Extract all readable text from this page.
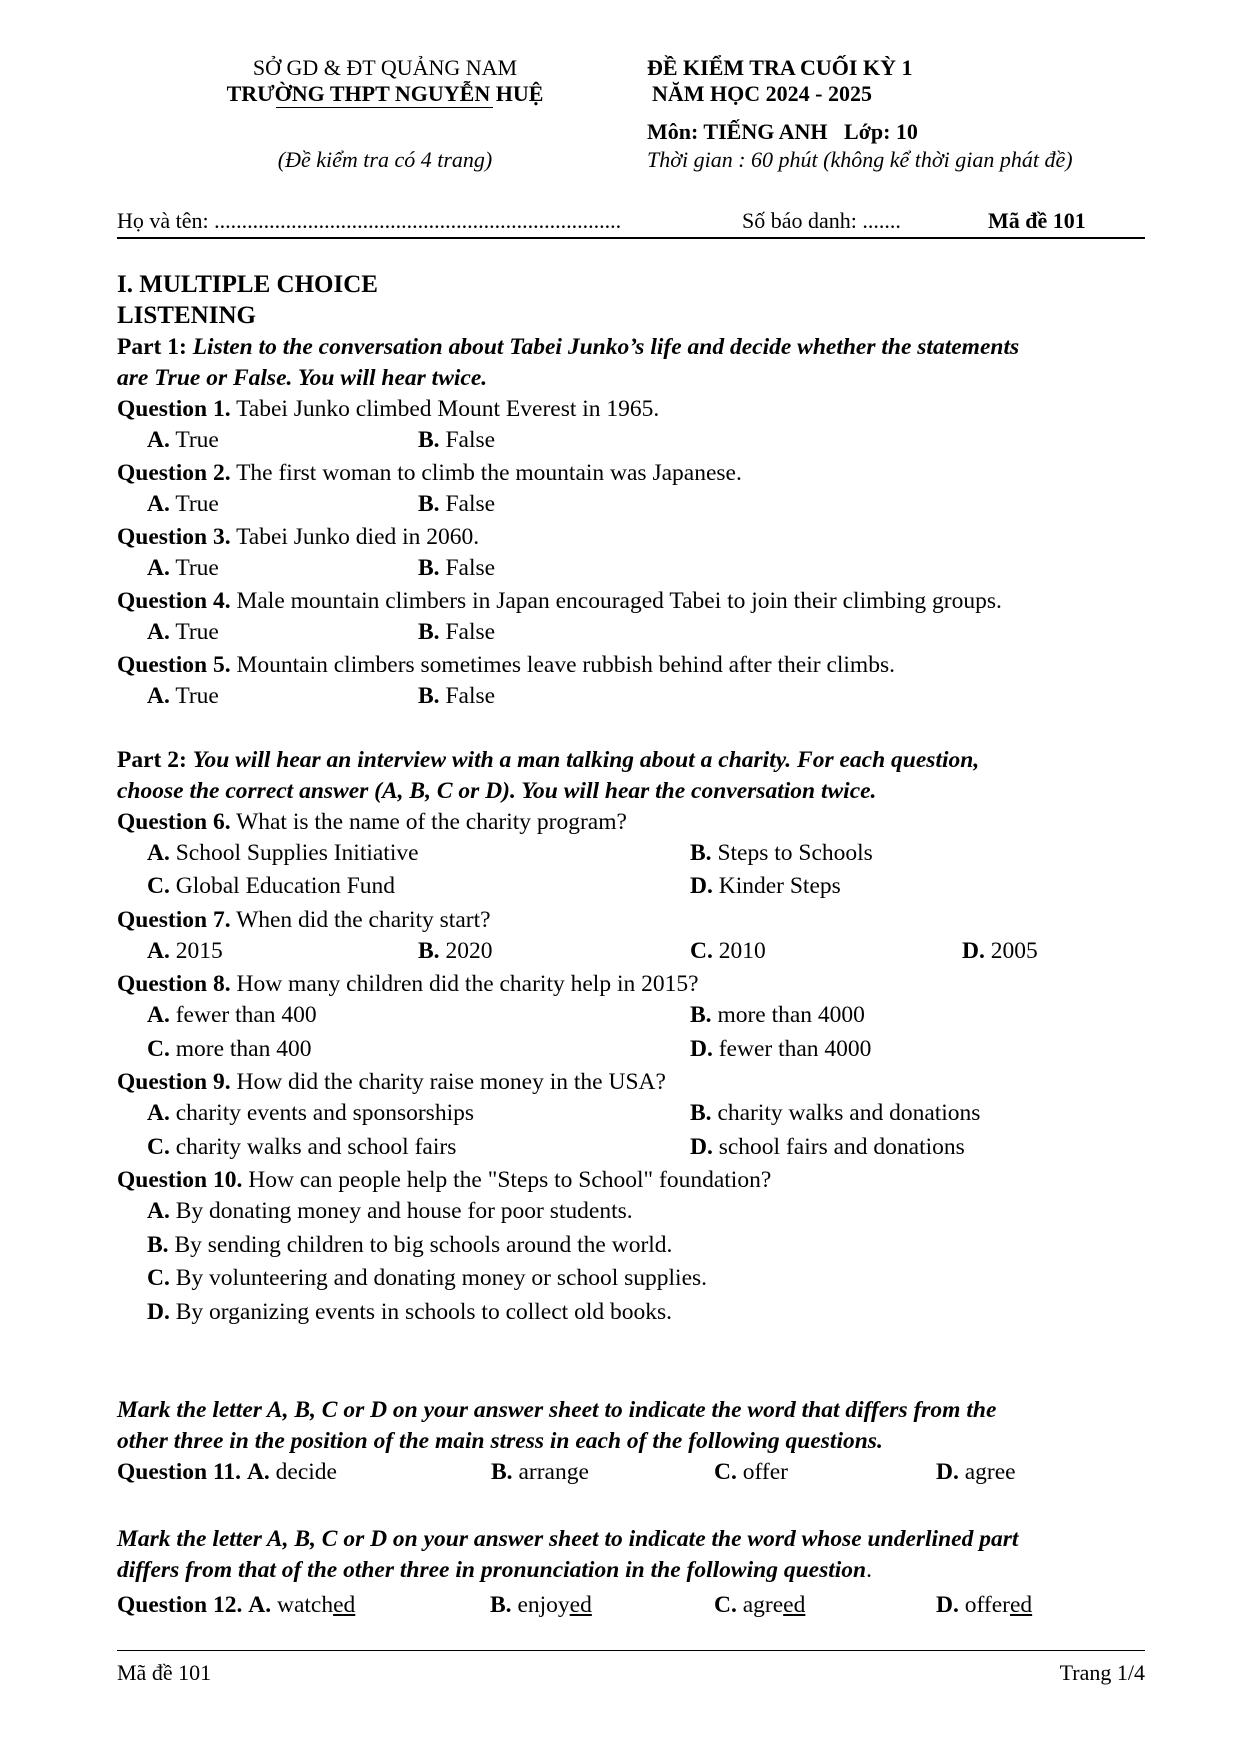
SỞ GD & ĐT QUẢNG NAM
TRƯỜNG THPT NGUYỄN HUỆ
(Đề kiểm tra có 4 trang)
ĐỀ KIỂM TRA CUỐI KỲ 1
NĂM HỌC 2024 - 2025
Môn: TIẾNG ANH Lớp: 10
Thời gian : 60 phút (không kể thời gian phát đề)
Họ và tên: ..........................................................................	Số báo danh: .......	Mã đề 101
I. MULTIPLE CHOICE
LISTENING
Part 1: Listen to the conversation about Tabei Junko’s life and decide whether the statements
are True or False. You will hear twice.
Question 1. Tabei Junko climbed Mount Everest in 1965.
A. True	B. False
Question 2. The first woman to climb the mountain was Japanese.
A. True	B. False
Question 3. Tabei Junko died in 2060.
A. True	B. False
Question 4. Male mountain climbers in Japan encouraged Tabei to join their climbing groups.
A. True	B. False
Question 5. Mountain climbers sometimes leave rubbish behind after their climbs.
A. True	B. False
Part 2: You will hear an interview with a man talking about a charity. For each question,
choose the correct answer (A, B, C or D). You will hear the conversation twice.
Question 6. What is the name of the charity program?
A. School Supplies Initiative	B. Steps to Schools
C. Global Education Fund	D. Kinder Steps
Question 7. When did the charity start?
A. 2015	B. 2020	C. 2010	D. 2005
Question 8. How many children did the charity help in 2015?
A. fewer than 400	B. more than 4000
C. more than 400	D. fewer than 4000
Question 9. How did the charity raise money in the USA?
A. charity events and sponsorships	B. charity walks and donations
C. charity walks and school fairs	D. school fairs and donations
Question 10. How can people help the "Steps to School" foundation?
A. By donating money and house for poor students.
B. By sending children to big schools around the world.
C. By volunteering and donating money or school supplies.
D. By organizing events in schools to collect old books.
Mark the letter A, B, C or D on your answer sheet to indicate the word that differs from the
other three in the position of the main stress in each of the following questions.
Question 11. A. decide	B. arrange	C. offer	D. agree
Mark the letter A, B, C or D on your answer sheet to indicate the word whose underlined part
differs from that of the other three in pronunciation in the following question.
Question 12. A. watched	B. enjoyed	C. agreed	D. offered
Mã đề 101	Trang 1/4
